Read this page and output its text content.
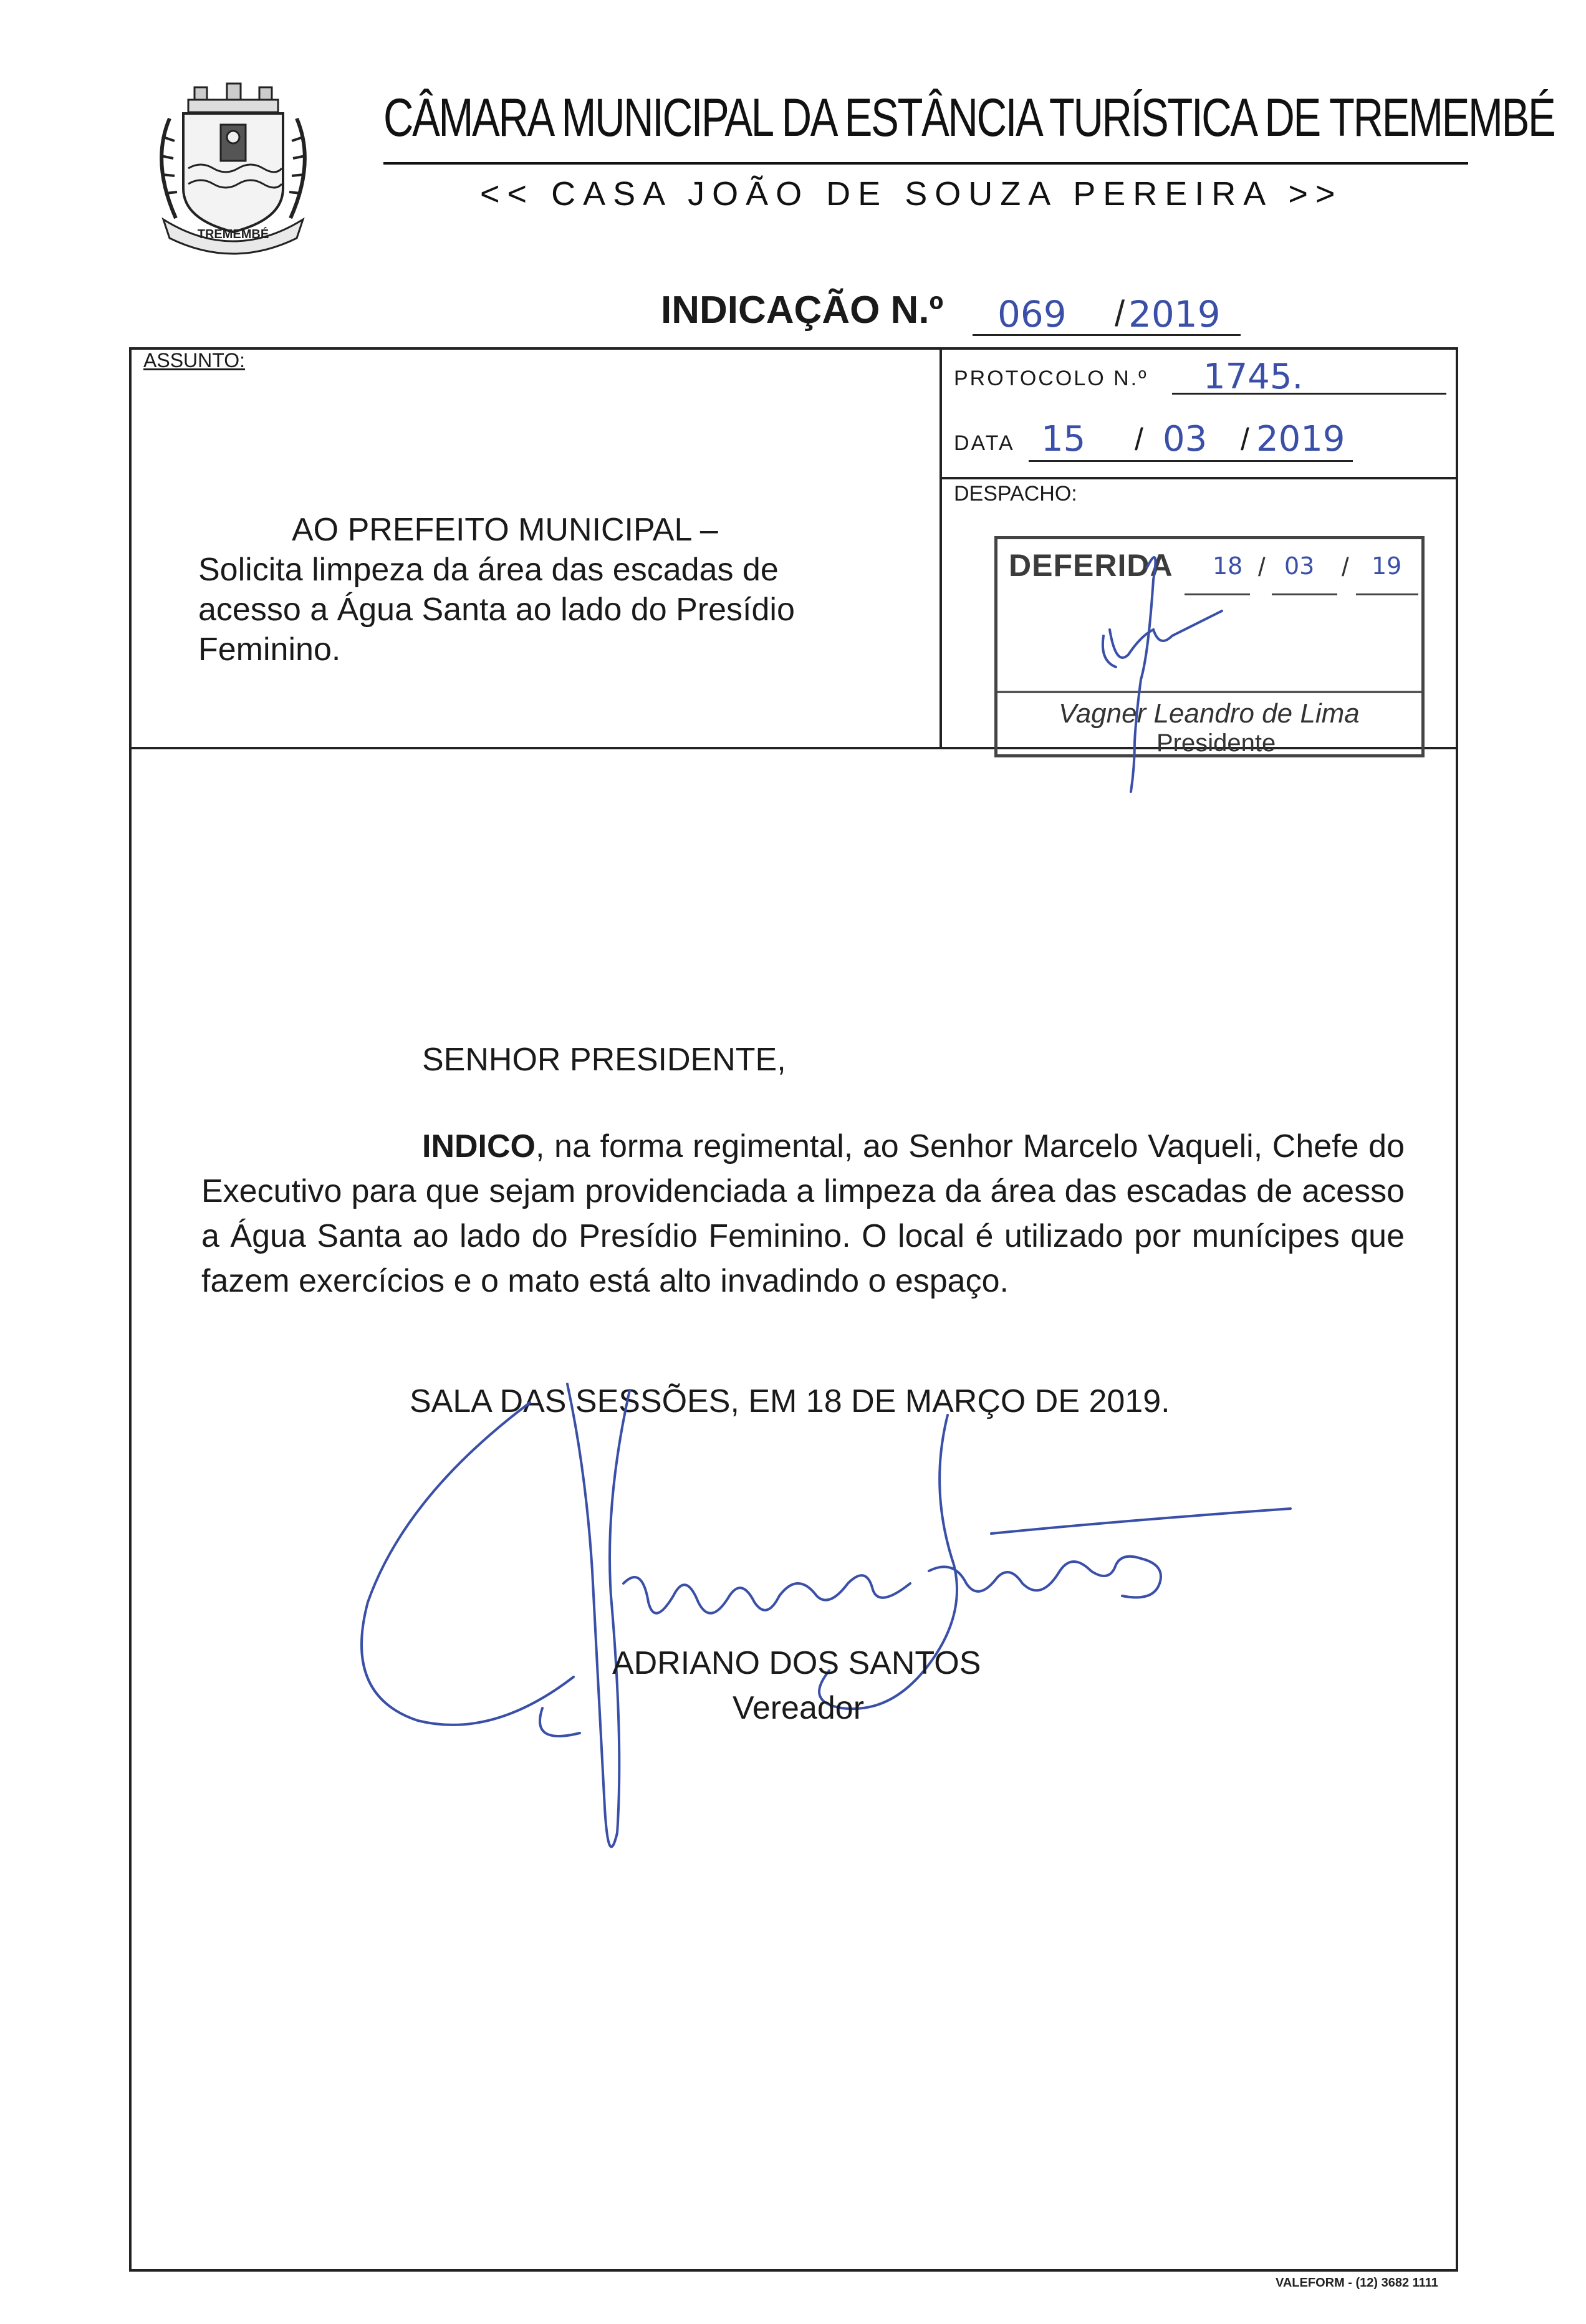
TREMEMBÉ
CÂMARA MUNICIPAL DA ESTÂNCIA TURÍSTICA DE TREMEMBÉ
<< CASA JOÃO DE SOUZA PEREIRA >>
INDICAÇÃO N.º 069 / 2019
ASSUNTO:
AO PREFEITO MUNICIPAL –
Solicita limpeza da área das escadas de
acesso a Água Santa ao lado do Presídio
Feminino.
PROTOCOLO N.º 1745.
DATA 15 / 03 / 2019
DESPACHO:
DEFERIDA 18 / 03 / 19
Vagner Leandro de Lima
Presidente
SENHOR PRESIDENTE,
INDICO, na forma regimental, ao Senhor Marcelo Vaqueli, Chefe do Executivo para que sejam providenciada a limpeza da área das escadas de acesso a Água Santa ao lado do Presídio Feminino. O local é utilizado por munícipes que fazem exercícios e o mato está alto invadindo o espaço.
SALA DAS SESSÕES, EM 18 DE MARÇO DE 2019.
ADRIANO DOS SANTOS
Vereador
VALEFORM - (12) 3682 1111
